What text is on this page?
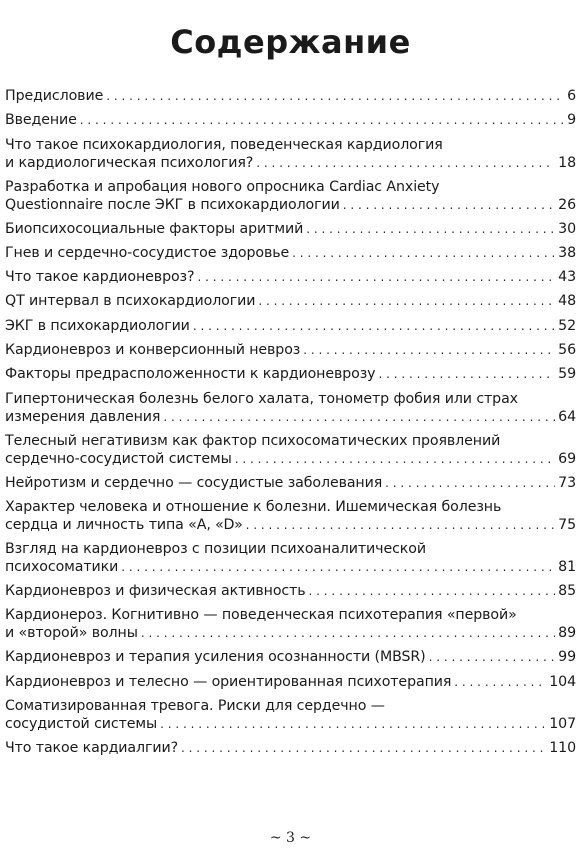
Содержание
Предисловие . . .	6
Введение . . .	9
Что такое психокардиология, поведенческая кардиология
и кардиологическая психология? . . .	18
Разработка и апробация нового опросника Cardiac Anxiety
Questionnaire после ЭКГ в психокардиологии . . .	26
Биопсихосоциальные факторы аритмий . . .	30
Гнев и сердечно-сосудистое здоровье . . .	38
Что такое кардионевроз? . . .	43
QT интервал в психокардиологии . . .	48
ЭКГ в психокардиологии . . .	52
Кардионевроз и конверсионный невроз . . .	56
Факторы предрасположенности к кардионеврозу . . .	59
Гипертоническая болезнь белого халата, тонометр фобия или страх
измерения давления . . .	64
Телесный негативизм как фактор психосоматических проявлений
сердечно-сосудистой системы . . .	69
Нейротизм и сердечно — сосудистые заболевания . . .	73
Характер человека и отношение к болезни. Ишемическая болезнь
сердца и личность типа «A, «D» . . .	75
Взгляд на кардионевроз с позиции психоаналитической
психосоматики . . .	81
Кардионевроз и физическая активность . . .	85
Кардионероз. Когнитивно — поведенческая психотерапия «первой»
и «второй» волны . . .	89
Кардионевроз и терапия усиления осознанности (MBSR) . . .	99
Кардионевроз и телесно — ориентированная психотерапия . . .	104
Соматизированная тревога. Риски для сердечно —
сосудистой системы . . .	107
Что такое кардиалгии? . . .	110
~ 3 ~
